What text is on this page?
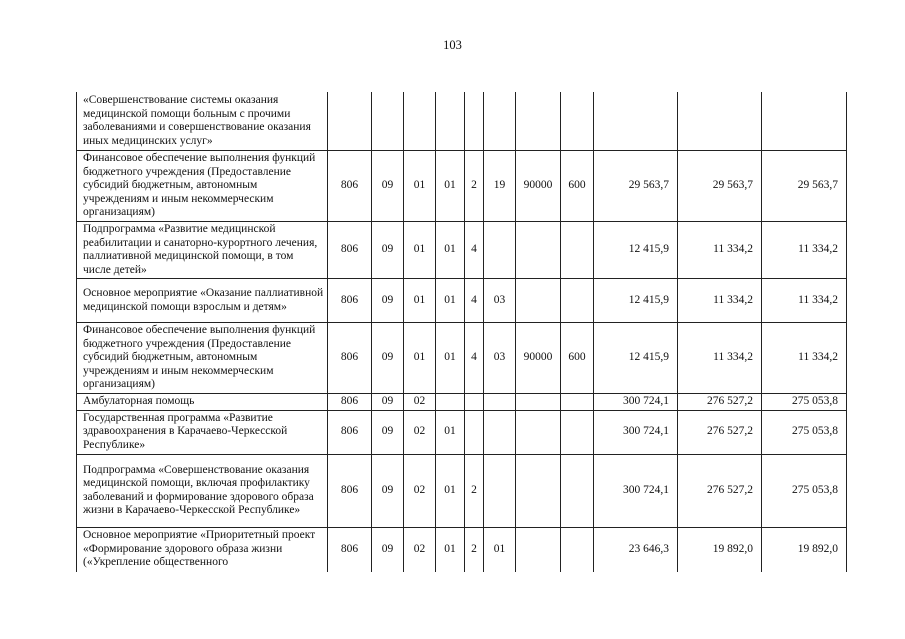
103
«Совершенствование системы оказания медицинской помощи больным с прочими заболеваниями и совершенствование оказания иных медицинских услуг»											
Финансовое обеспечение выполнения функций бюджетного учреждения (Предоставление субсидий бюджетным, автономным учреждениям и иным некоммерческим организациям)	806	09	01	01	2	19	90000	600	29 563,7	29 563,7	29 563,7
Подпрограмма «Развитие медицинской реабилитации и санаторно-курортного лечения, паллиативной медицинской помощи, в том числе детей»	806	09	01	01	4				12 415,9	11 334,2	11 334,2
Основное мероприятие «Оказание паллиативной медицинской помощи взрослым и детям»	806	09	01	01	4	03			12 415,9	11 334,2	11 334,2
Финансовое обеспечение выполнения функций бюджетного учреждения (Предоставление субсидий бюджетным, автономным учреждениям и иным некоммерческим организациям)	806	09	01	01	4	03	90000	600	12 415,9	11 334,2	11 334,2
Амбулаторная помощь	806	09	02						300 724,1	276 527,2	275 053,8
Государственная программа «Развитие здравоохранения в Карачаево-Черкесской Республике»	806	09	02	01					300 724,1	276 527,2	275 053,8
Подпрограмма «Совершенствование оказания медицинской помощи, включая профилактику заболеваний и формирование здорового образа жизни в Карачаево-Черкесской Республике»	806	09	02	01	2				300 724,1	276 527,2	275 053,8
Основное мероприятие «Приоритетный проект «Формирование здорового образа жизни («Укрепление общественного	806	09	02	01	2	01			23 646,3	19 892,0	19 892,0
